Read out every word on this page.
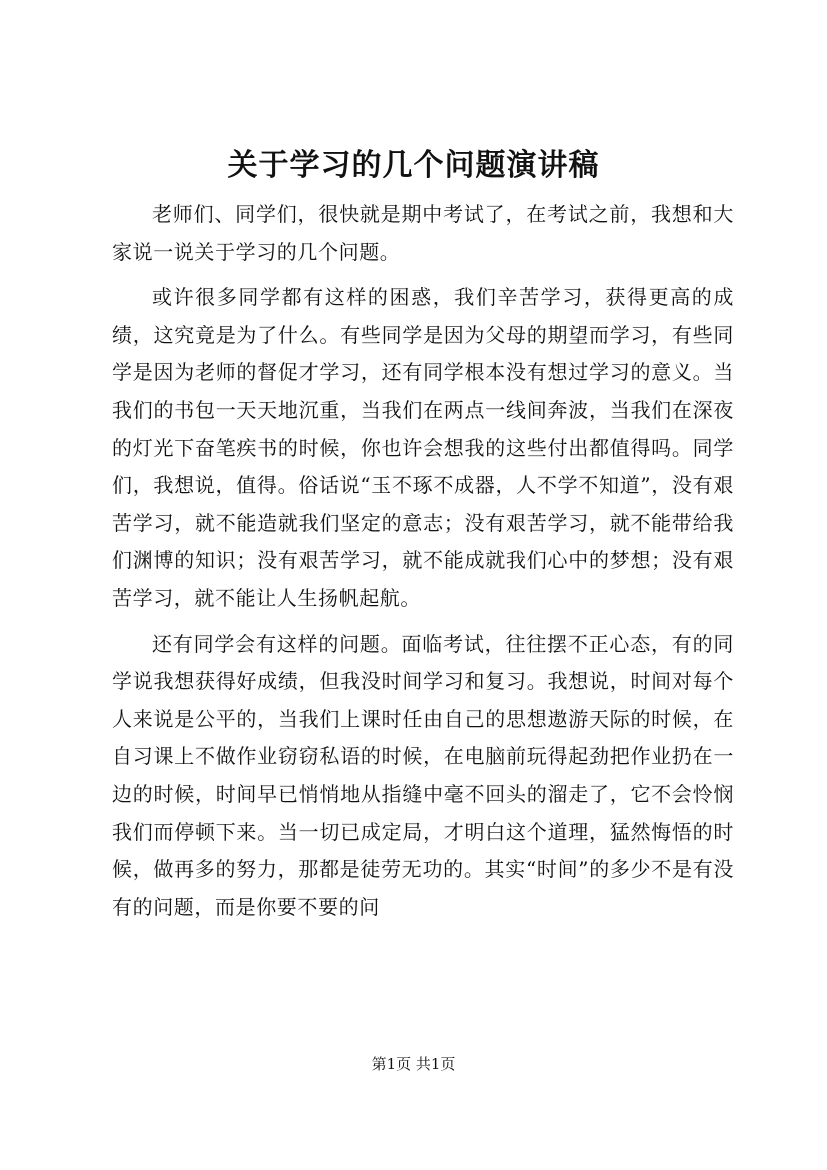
关于学习的几个问题演讲稿

老师们、同学们，很快就是期中考试了，在考试之前，我想和大家说一说关于学习的几个问题。

或许很多同学都有这样的困惑，我们辛苦学习，获得更高的成绩，这究竟是为了什么。有些同学是因为父母的期望而学习，有些同学是因为老师的督促才学习，还有同学根本没有想过学习的意义。当我们的书包一天天地沉重，当我们在两点一线间奔波，当我们在深夜的灯光下奋笔疾书的时候，你也许会想我的这些付出都值得吗。同学们，我想说，值得。俗话说“玉不琢不成器，人不学不知道”，没有艰苦学习，就不能造就我们坚定的意志；没有艰苦学习，就不能带给我们渊博的知识；没有艰苦学习，就不能成就我们心中的梦想；没有艰苦学习，就不能让人生扬帆起航。

还有同学会有这样的问题。面临考试，往往摆不正心态，有的同学说我想获得好成绩，但我没时间学习和复习。我想说，时间对每个人来说是公平的，当我们上课时任由自己的思想遨游天际的时候，在自习课上不做作业窃窃私语的时候，在电脑前玩得起劲把作业扔在一边的时候，时间早已悄悄地从指缝中毫不回头的溜走了，它不会怜悯我们而停顿下来。当一切已成定局，才明白这个道理，猛然悔悟的时候，做再多的努力，那都是徒劳无功的。其实“时间”的多少不是有没有的问题，而是你要不要的问

第1页 共1页
